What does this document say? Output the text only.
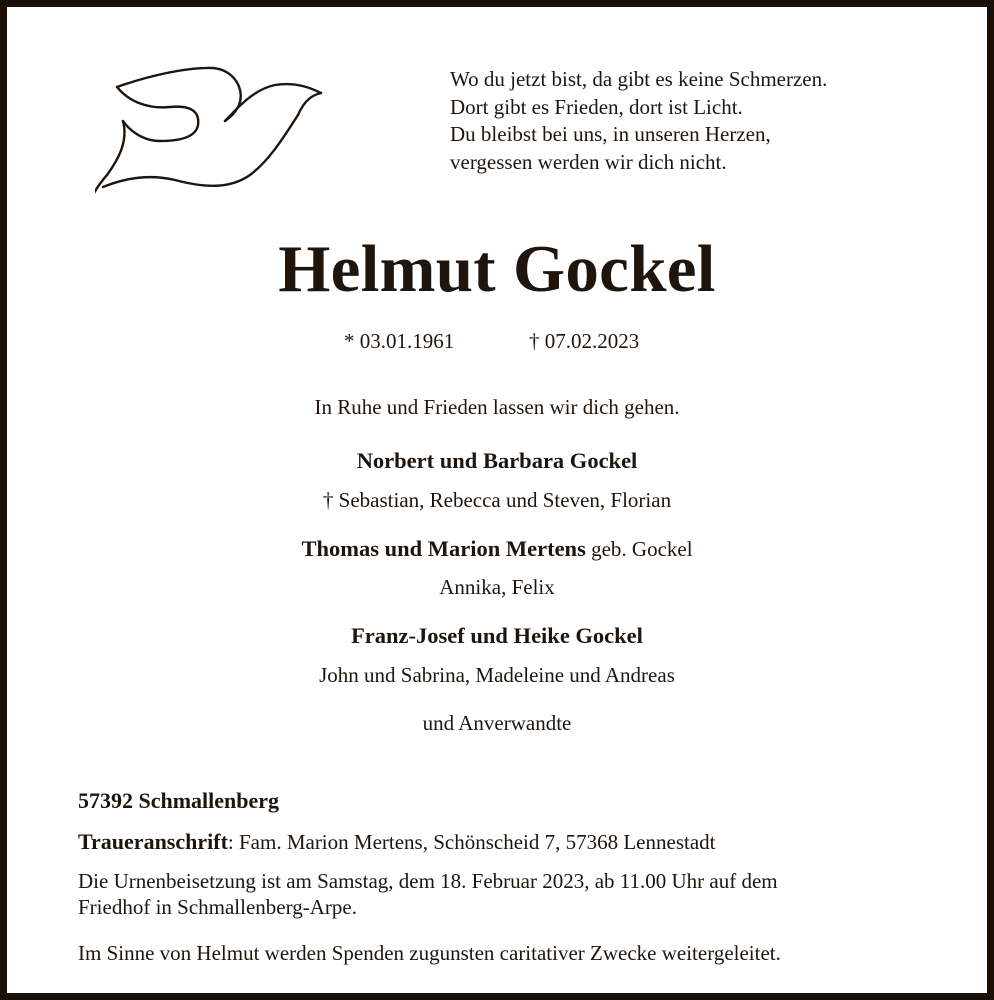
Wo du jetzt bist, da gibt es keine Schmerzen.
Dort gibt es Frieden, dort ist Licht.
Du bleibst bei uns, in unseren Herzen,
vergessen werden wir dich nicht.
Helmut Gockel
* 03.01.1961	† 07.02.2023
In Ruhe und Frieden lassen wir dich gehen.
Norbert und Barbara Gockel
† Sebastian, Rebecca und Steven, Florian
Thomas und Marion Mertens geb. Gockel
Annika, Felix
Franz-Josef und Heike Gockel
John und Sabrina, Madeleine und Andreas
und Anverwandte
57392 Schmallenberg
Traueranschrift: Fam. Marion Mertens, Schönscheid 7, 57368 Lennestadt
Die Urnenbeisetzung ist am Samstag, dem 18. Februar 2023, ab 11.00 Uhr auf dem
Friedhof in Schmallenberg-Arpe.
Im Sinne von Helmut werden Spenden zugunsten caritativer Zwecke weitergeleitet.
